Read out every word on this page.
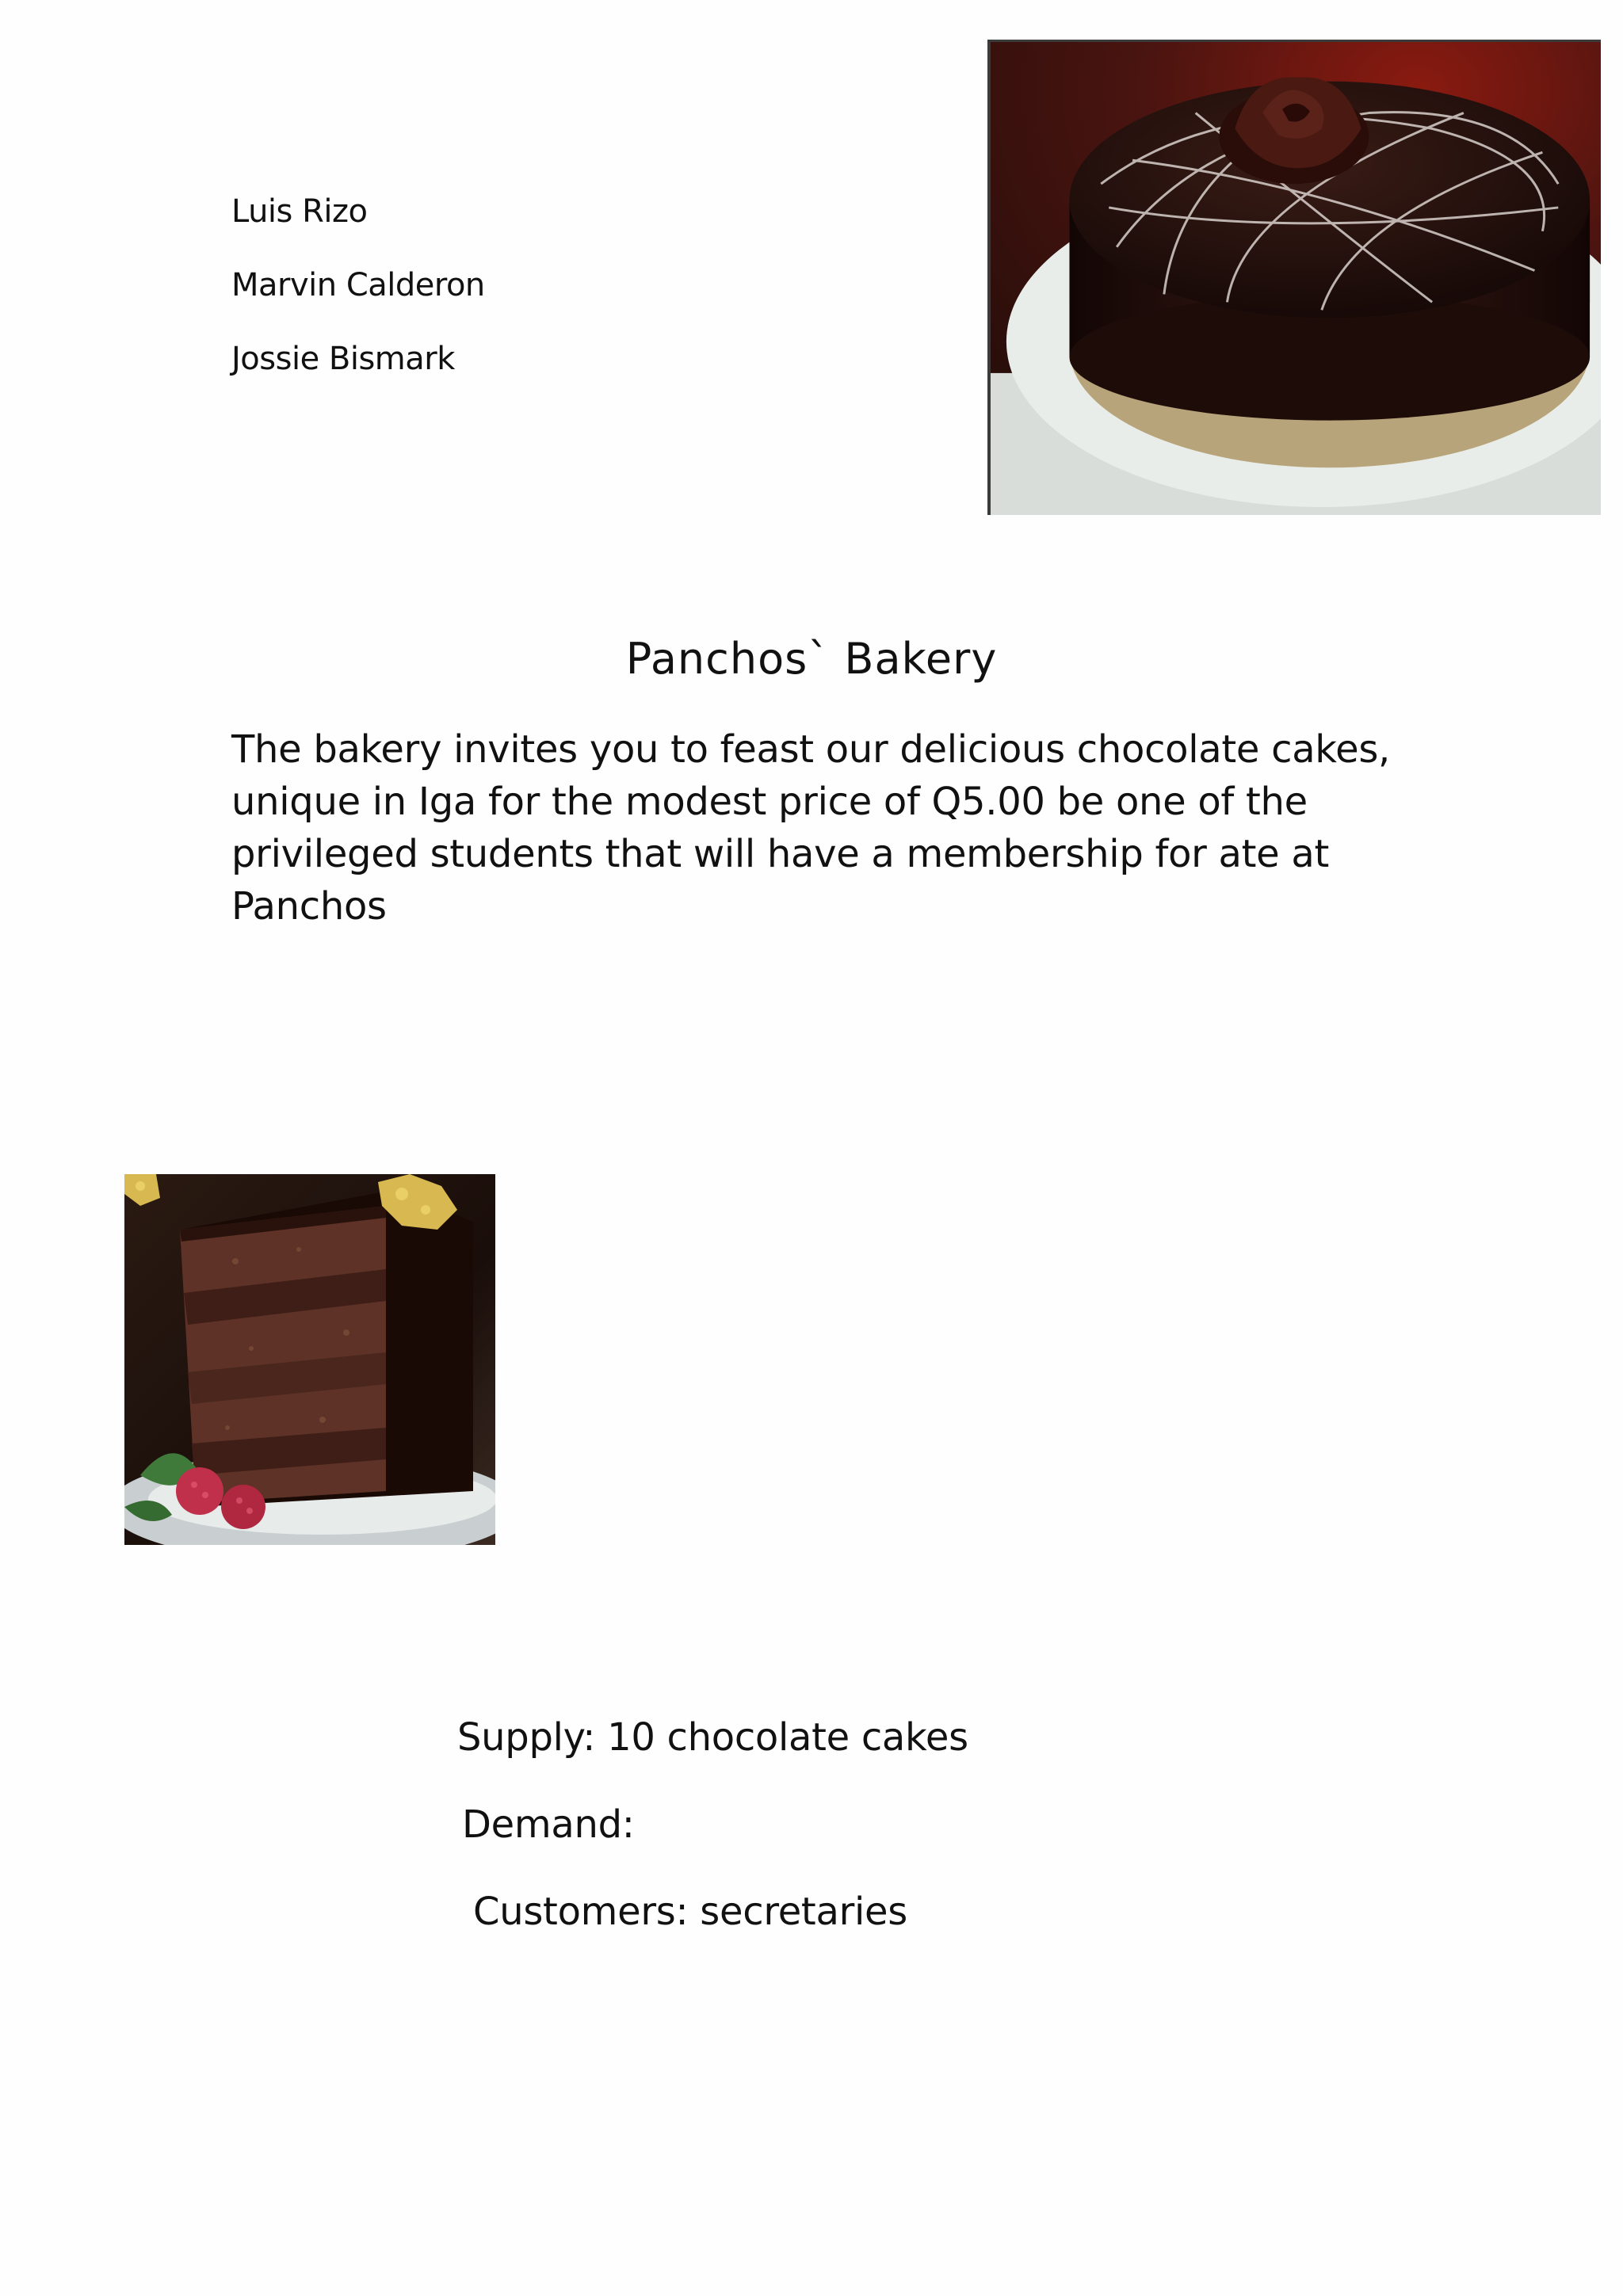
Luis Rizo
Marvin Calderon
Jossie Bismark
Panchos` Bakery

The bakery invites you to feast our delicious chocolate cakes, unique in Iga for the modest price of Q5.00 be one of the privileged students that will have a membership for ate at Panchos

Supply: 10 chocolate cakes
Demand:
Customers: secretaries
